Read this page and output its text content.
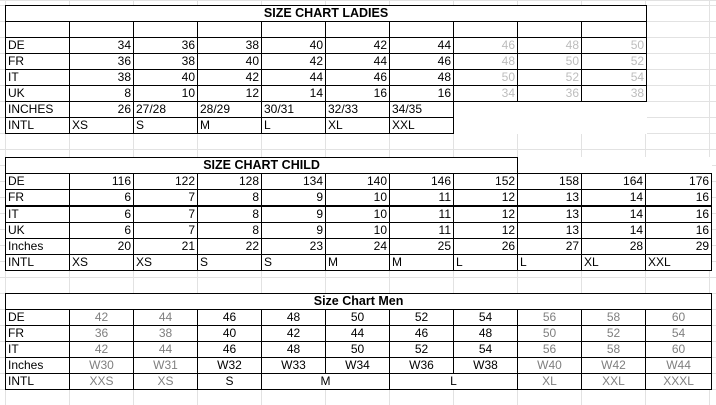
SIZE CHART LADIES									

DE	34	36	38	40	42	44	46	48	50
FR	36	38	40	42	44	46	48	50	52
IT	38	40	42	44	46	48	50	52	54
UK	8	10	12	14	16	16	34	36	38
INCHES	26	27/28	28/29	30/31	32/33	34/35			
INTL	XS	S	M	L	XL	XXL			
SIZE CHART CHILD										
DE	116	122	128	134	140	146	152	158	164	176
FR	6	7	8	9	10	11	12	13	14	16
IT	6	7	8	9	10	11	12	13	14	16
UK	6	7	8	9	10	11	12	13	14	16
Inches	20	21	22	23	24	25	26	27	28	29
INTL	XS	XS	S	S	M	M	L	L	XL	XXL
Size Chart Men										
DE	42	44	46	48	50	52	54	56	58	60
FR	36	38	40	42	44	46	48	50	52	54
IT	42	44	46	48	50	52	54	56	58	60
Inches	W30	W31	W32	W33	W34	W36	W38	W40	W42	W44
INTL	XXS	XS	S	M		L		XL	XXL	XXXL
